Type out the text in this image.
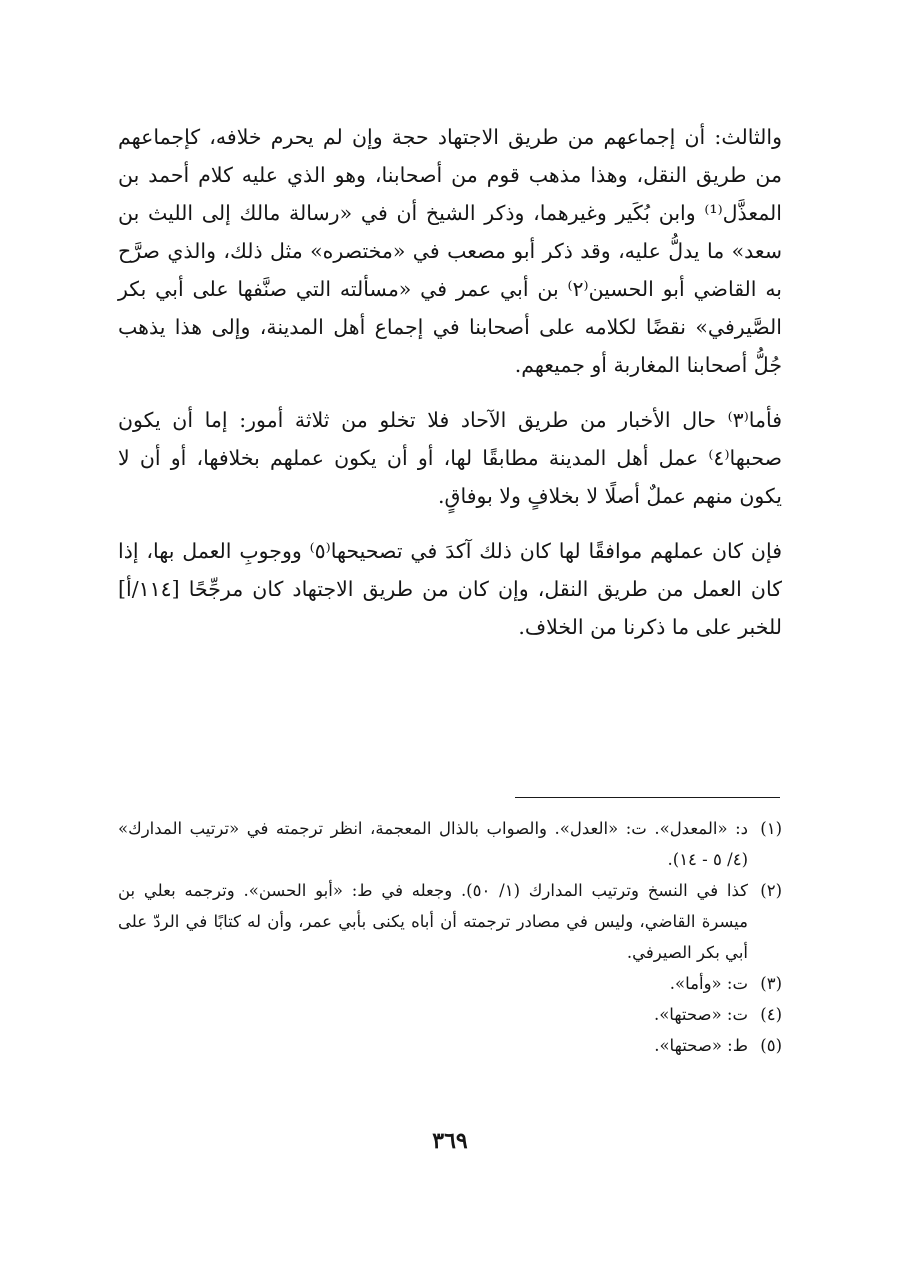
والثالث: أن إجماعهم من طريق الاجتهاد حجة وإن لم يحرم خلافه، كإجماعهم من طريق النقل، وهذا مذهب قوم من أصحابنا، وهو الذي عليه كلام أحمد بن المعذَّل⁽¹⁾ وابن بُكَير وغيرهما، وذكر الشيخ أن في «رسالة مالك إلى الليث بن سعد» ما يدلُّ عليه، وقد ذكر أبو مصعب في «مختصره» مثل ذلك، والذي صرَّح به القاضي أبو الحسين⁽٢⁾ بن أبي عمر في «مسألته التي صنَّفها على أبي بكر الصَّيرفي» نقضًا لكلامه على أصحابنا في إجماع أهل المدينة، وإلى هذا يذهب جُلُّ أصحابنا المغاربة أو جميعهم.

فأما⁽٣⁾ حال الأخبار من طريق الآحاد فلا تخلو من ثلاثة أمور: إما أن يكون صحبها⁽٤⁾ عمل أهل المدينة مطابقًا لها، أو أن يكون عملهم بخلافها، أو أن لا يكون منهم عملٌ أصلًا لا بخلافٍ ولا بوفاقٍ.

فإن كان عملهم موافقًا لها كان ذلك آكدَ في تصحيحها⁽٥⁾ ووجوبِ العمل بها، إذا كان العمل من طريق النقل، وإن كان من طريق الاجتهاد كان مرجِّحًا [١١٤/أ] للخبر على ما ذكرنا من الخلاف.

(١)
د: «المعدل». ت: «العدل». والصواب بالذال المعجمة، انظر ترجمته في «ترتيب المدارك» (٤/ ٥ - ١٤).
(٢)
كذا في النسخ وترتيب المدارك (١/ ٥٠). وجعله في ط: «أبو الحسن». وترجمه بعلي بن ميسرة القاضي، وليس في مصادر ترجمته أن أباه يكنى بأبي عمر، وأن له كتابًا في الردّ على أبي بكر الصيرفي.
(٣)
ت: «وأما».
(٤)
ت: «صحتها».
(٥)
ط: «صحتها».
٣٦٩
